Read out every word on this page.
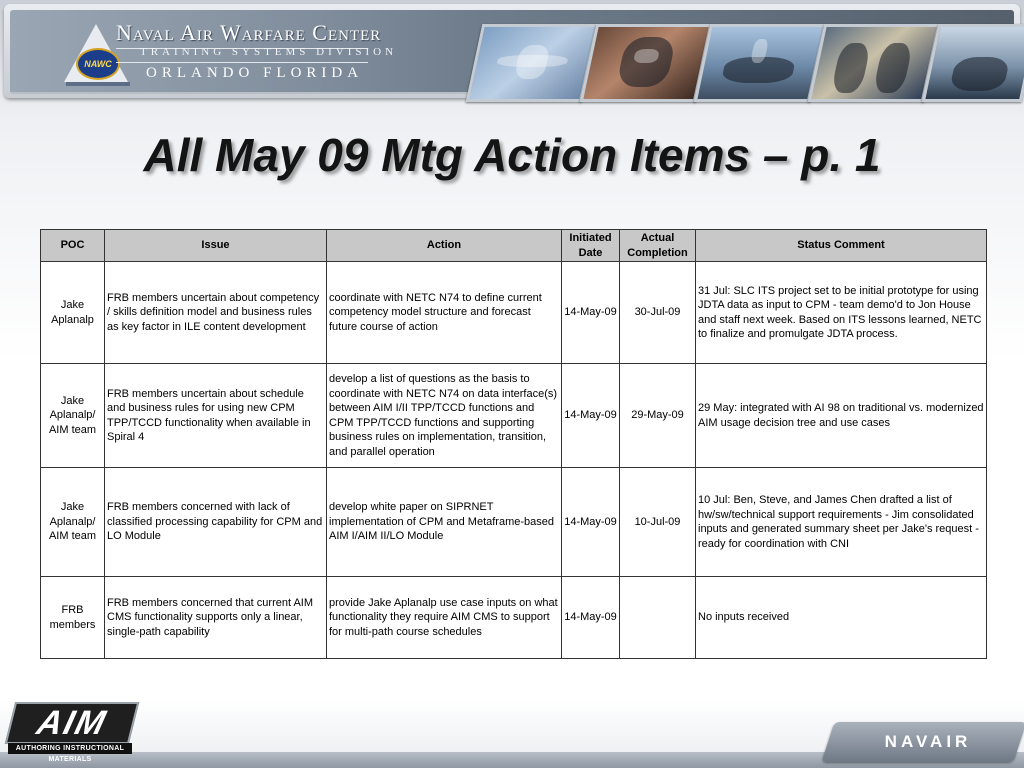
NAWC
Naval Air Warfare Center
TRAINING SYSTEMS DIVISION
ORLANDO FLORIDA
All May 09 Mtg Action Items – p. 1
POC	Issue	Action	Initiated Date	Actual Completion	Status Comment
Jake Aplanalp	FRB members uncertain about competency / skills definition model and business rules as key factor in ILE content development	coordinate with NETC N74 to define current competency model structure and forecast future course of action	14-May-09	30-Jul-09	31 Jul: SLC ITS project set to be initial prototype for using JDTA data as input to CPM - team demo'd to Jon House and staff next week. Based on ITS lessons learned, NETC to finalize and promulgate JDTA process.
Jake Aplanalp/ AIM team	FRB members uncertain about schedule and business rules for using new CPM TPP/TCCD functionality when available in Spiral 4	develop a list of questions as the basis to coordinate with NETC N74 on data interface(s) between AIM I/II TPP/TCCD functions and CPM TPP/TCCD functions and supporting business rules on implementation, transition, and parallel operation	14-May-09	29-May-09	29 May: integrated with AI 98 on traditional vs. modernized AIM usage decision tree and use cases
Jake Aplanalp/ AIM team	FRB members concerned with lack of classified processing capability for CPM and LO Module	develop white paper on SIPRNET implementation of CPM and Metaframe-based AIM I/AIM II/LO Module	14-May-09	10-Jul-09	10 Jul: Ben, Steve, and James Chen drafted a list of hw/sw/technical support requirements - Jim consolidated inputs and generated summary sheet per Jake's request - ready for coordination with CNI
FRB members	FRB members concerned that current AIM CMS functionality supports only a linear, single-path capability	provide Jake Aplanalp use case inputs on what functionality they require AIM CMS to support for multi-path course schedules	14-May-09		No inputs received
AIM
AUTHORING INSTRUCTIONAL MATERIALS
NAVAIR
